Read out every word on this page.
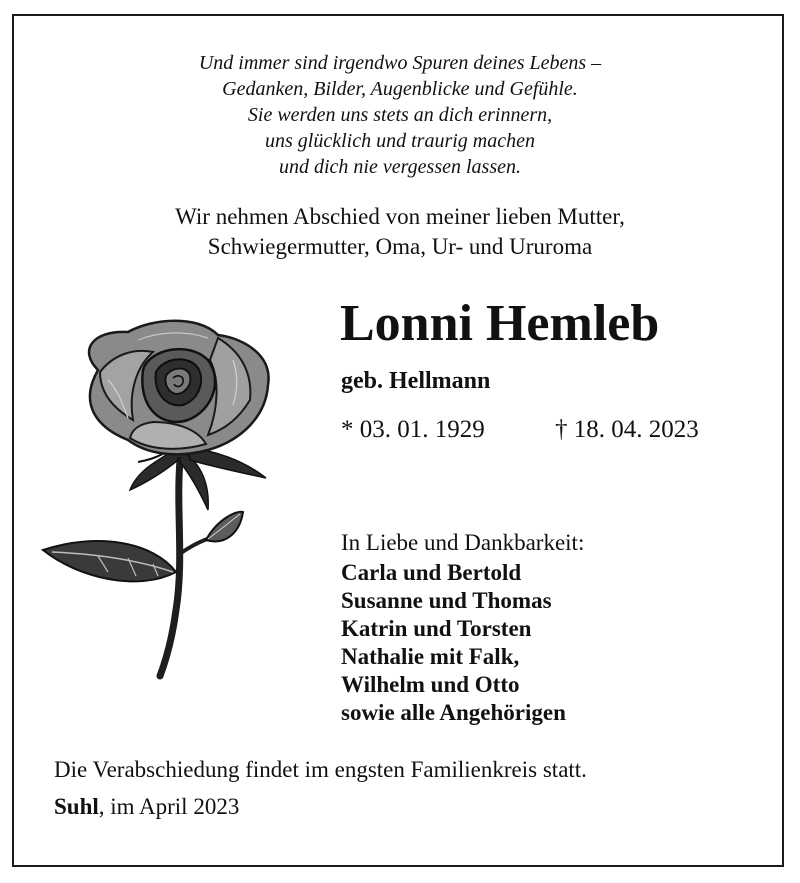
Und immer sind irgendwo Spuren deines Lebens –
Gedanken, Bilder, Augenblicke und Gefühle.
Sie werden uns stets an dich erinnern,
uns glücklich und traurig machen
und dich nie vergessen lassen.
Wir nehmen Abschied von meiner lieben Mutter,
Schwiegermutter, Oma, Ur- und Ururoma
Lonni Hemleb
geb. Hellmann
* 03. 01. 1929	† 18. 04. 2023
In Liebe und Dankbarkeit:
Carla und Bertold
Susanne und Thomas
Katrin und Torsten
Nathalie mit Falk,
Wilhelm und Otto
sowie alle Angehörigen
Die Verabschiedung findet im engsten Familienkreis statt.
Suhl, im April 2023
